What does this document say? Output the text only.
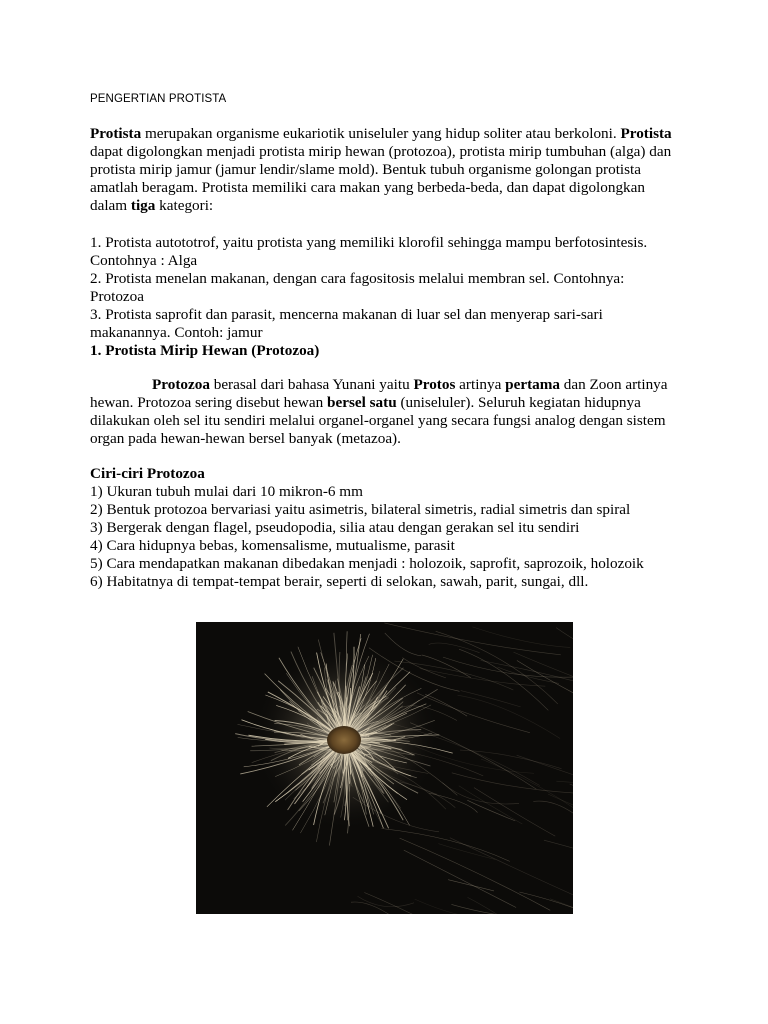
PENGERTIAN PROTISTA

Protista merupakan organisme eukariotik uniseluler yang hidup soliter atau berkoloni. Protista dapat digolongkan menjadi protista mirip hewan (protozoa), protista mirip tumbuhan (alga) dan protista mirip jamur (jamur lendir/slame mold). Bentuk tubuh organisme golongan protista amatlah beragam. Protista memiliki cara makan yang berbeda-beda, dan dapat digolongkan dalam tiga kategori:

1. Protista autototrof, yaitu protista yang memiliki klorofil sehingga mampu berfotosintesis. Contohnya : Alga
2. Protista menelan makanan, dengan cara fagositosis melalui membran sel. Contohnya: Protozoa
3. Protista saprofit dan parasit, mencerna makanan di luar sel dan menyerap sari-sari makanannya. Contoh: jamur
1. Protista Mirip Hewan (Protozoa)

Protozoa berasal dari bahasa Yunani yaitu Protos artinya pertama dan Zoon artinya hewan. Protozoa sering disebut hewan bersel satu (uniseluler). Seluruh kegiatan hidupnya dilakukan oleh sel itu sendiri melalui organel-organel yang secara fungsi analog dengan sistem organ pada hewan-hewan bersel banyak (metazoa).

Ciri-ciri Protozoa
1) Ukuran tubuh mulai dari 10 mikron-6 mm
2) Bentuk protozoa bervariasi yaitu asimetris, bilateral simetris, radial simetris dan spiral
3) Bergerak dengan flagel, pseudopodia, silia atau dengan gerakan sel itu sendiri
4) Cara hidupnya bebas, komensalisme, mutualisme, parasit
5) Cara mendapatkan makanan dibedakan menjadi : holozoik, saprofit, saprozoik, holozoik
6) Habitatnya di tempat-tempat berair, seperti di selokan, sawah, parit, sungai, dll.
